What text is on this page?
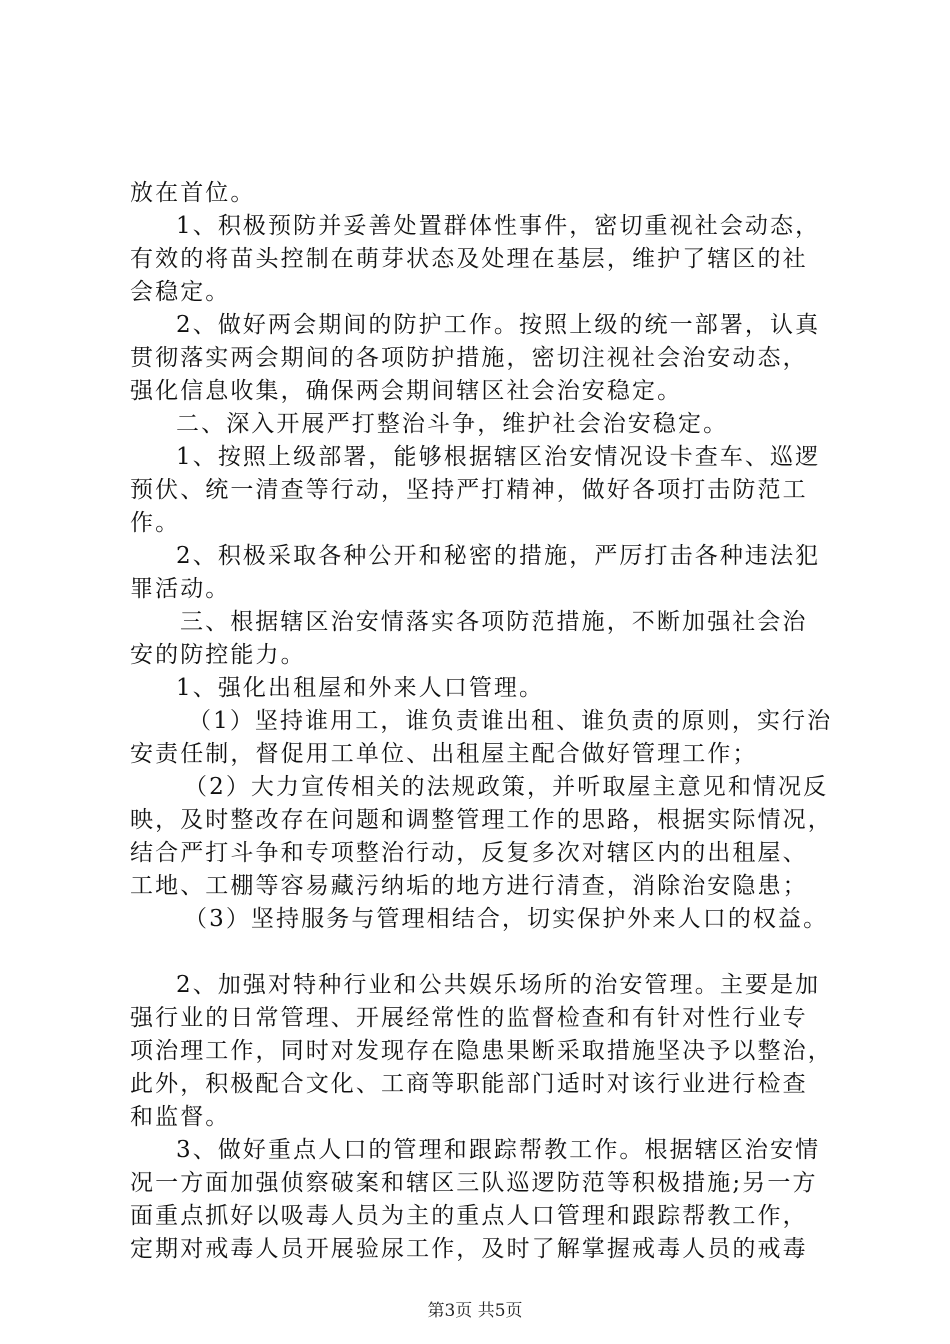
放在首位。
1、积极预防并妥善处置群体性事件，密切重视社会动态，
有效的将苗头控制在萌芽状态及处理在基层，维护了辖区的社
会稳定。
2、做好两会期间的防护工作。按照上级的统一部署，认真
贯彻落实两会期间的各项防护措施，密切注视社会治安动态，
强化信息收集，确保两会期间辖区社会治安稳定。
二、深入开展严打整治斗争，维护社会治安稳定。
1、按照上级部署，能够根据辖区治安情况设卡查车、巡逻
预伏、统一清查等行动，坚持严打精神，做好各项打击防范工
作。
2、积极采取各种公开和秘密的措施，严厉打击各种违法犯
罪活动。
三、根据辖区治安情落实各项防范措施，不断加强社会治
安的防控能力。
1、强化出租屋和外来人口管理。
（1）坚持谁用工，谁负责谁出租、谁负责的原则，实行治
安责任制，督促用工单位、出租屋主配合做好管理工作；
（2）大力宣传相关的法规政策，并听取屋主意见和情况反
映，及时整改存在问题和调整管理工作的思路，根据实际情况，
结合严打斗争和专项整治行动，反复多次对辖区内的出租屋、
工地、工棚等容易藏污纳垢的地方进行清查，消除治安隐患；
（3）坚持服务与管理相结合，切实保护外来人口的权益。
2、加强对特种行业和公共娱乐场所的治安管理。主要是加
强行业的日常管理、开展经常性的监督检查和有针对性行业专
项治理工作，同时对发现存在隐患果断采取措施坚决予以整治，
此外，积极配合文化、工商等职能部门适时对该行业进行检查
和监督。
3、做好重点人口的管理和跟踪帮教工作。根据辖区治安情
况一方面加强侦察破案和辖区三队巡逻防范等积极措施;另一方
面重点抓好以吸毒人员为主的重点人口管理和跟踪帮教工作，
定期对戒毒人员开展验尿工作，及时了解掌握戒毒人员的戒毒
第3页 共5页
